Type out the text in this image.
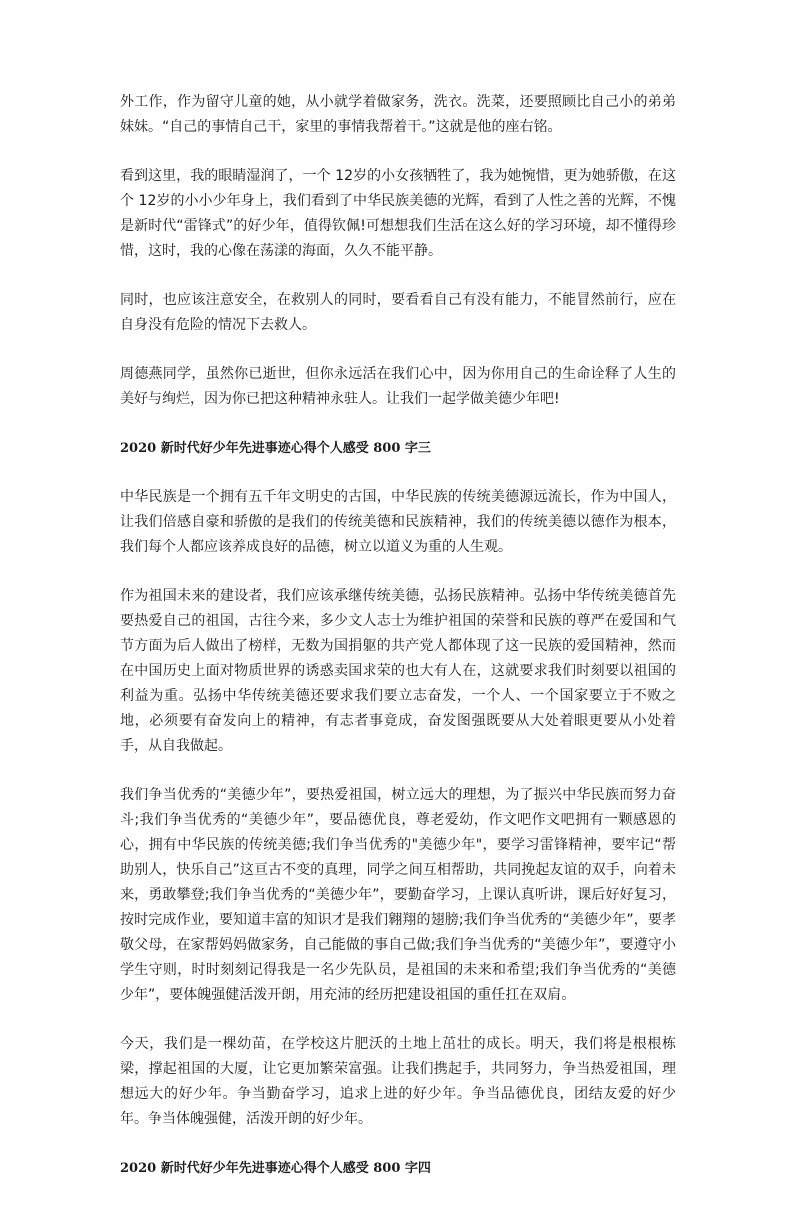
外工作，作为留守儿童的她，从小就学着做家务，洗衣。洗菜，还要照顾比自己小的弟弟妹妹。“自己的事情自己干，家里的事情我帮着干。”这就是他的座右铭。

看到这里，我的眼睛湿润了，一个 12岁的小女孩牺牲了，我为她惋惜，更为她骄傲，在这个 12岁的小小少年身上，我们看到了中华民族美德的光辉，看到了人性之善的光辉，不愧是新时代“雷锋式”的好少年，值得钦佩!可想想我们生活在这么好的学习环境，却不懂得珍惜，这时，我的心像在荡漾的海面，久久不能平静。

同时，也应该注意安全，在救别人的同时，要看看自己有没有能力，不能冒然前行，应在自身没有危险的情况下去救人。

周德燕同学，虽然你已逝世，但你永远活在我们心中，因为你用自己的生命诠释了人生的美好与绚烂，因为你已把这种精神永驻人。让我们一起学做美德少年吧!

2020 新时代好少年先进事迹心得个人感受 800 字三

中华民族是一个拥有五千年文明史的古国，中华民族的传统美德源远流长，作为中国人，让我们倍感自豪和骄傲的是我们的传统美德和民族精神，我们的传统美德以德作为根本，我们每个人都应该养成良好的品德，树立以道义为重的人生观。

作为祖国未来的建设者，我们应该承继传统美德，弘扬民族精神。弘扬中华传统美德首先要热爱自己的祖国，古往今来，多少文人志士为维护祖国的荣誉和民族的尊严在爱国和气节方面为后人做出了榜样，无数为国捐躯的共产党人都体现了这一民族的爱国精神，然而在中国历史上面对物质世界的诱惑卖国求荣的也大有人在，这就要求我们时刻要以祖国的利益为重。弘扬中华传统美德还要求我们要立志奋发，一个人、一个国家要立于不败之地，必须要有奋发向上的精神，有志者事竟成，奋发图强既要从大处着眼更要从小处着手，从自我做起。

我们争当优秀的“美德少年”，要热爱祖国，树立远大的理想，为了振兴中华民族而努力奋斗;我们争当优秀的“美德少年”，要品德优良，尊老爱幼，作文吧作文吧拥有一颗感恩的心，拥有中华民族的传统美德;我们争当优秀的"美德少年"，要学习雷锋精神，要牢记“帮助别人，快乐自己”这亘古不变的真理，同学之间互相帮助，共同挽起友谊的双手，向着未来，勇敢攀登;我们争当优秀的“美德少年”，要勤奋学习，上课认真听讲，课后好好复习，按时完成作业，要知道丰富的知识才是我们翱翔的翅膀;我们争当优秀的“美德少年”，要孝敬父母，在家帮妈妈做家务，自己能做的事自己做;我们争当优秀的“美德少年”，要遵守小学生守则，时时刻刻记得我是一名少先队员，是祖国的未来和希望;我们争当优秀的“美德少年”，要体魄强健活泼开朗，用充沛的经历把建设祖国的重任扛在双肩。

今天，我们是一棵幼苗，在学校这片肥沃的土地上茁壮的成长。明天，我们将是根根栋梁，撑起祖国的大厦，让它更加繁荣富强。让我们携起手，共同努力，争当热爱祖国，理想远大的好少年。争当勤奋学习，追求上进的好少年。争当品德优良，团结友爱的好少年。争当体魄强健，活泼开朗的好少年。

2020 新时代好少年先进事迹心得个人感受 800 字四
